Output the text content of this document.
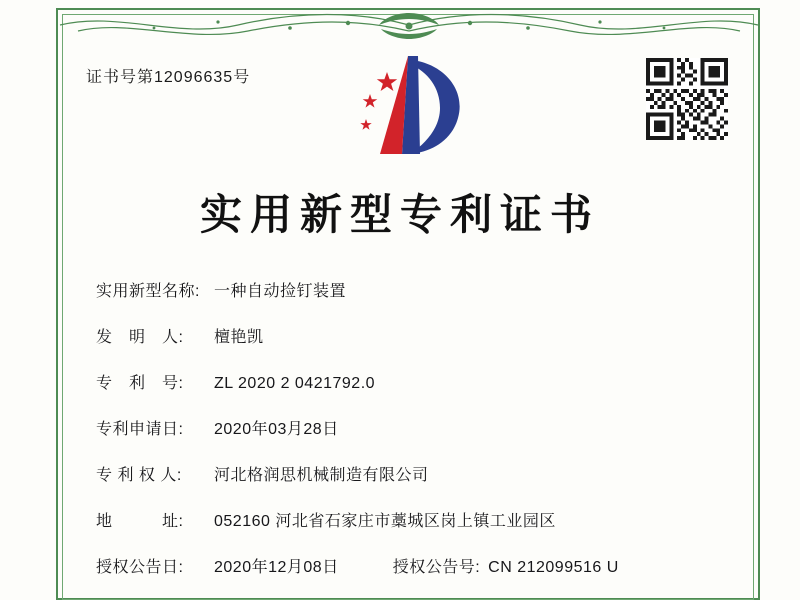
证书号第12096635号
实用新型专利证书
实用新型名称: 一种自动捡钉装置
发　明　人:	檀艳凯
专　利　号:	ZL 2020 2 0421792.0
专利申请日:	2020年03月28日
专 利 权 人:	河北格润思机械制造有限公司
地　　　址:	052160 河北省石家庄市藁城区岗上镇工业园区
授权公告日:	2020年12月08日	授权公告号: CN 212099516 U
